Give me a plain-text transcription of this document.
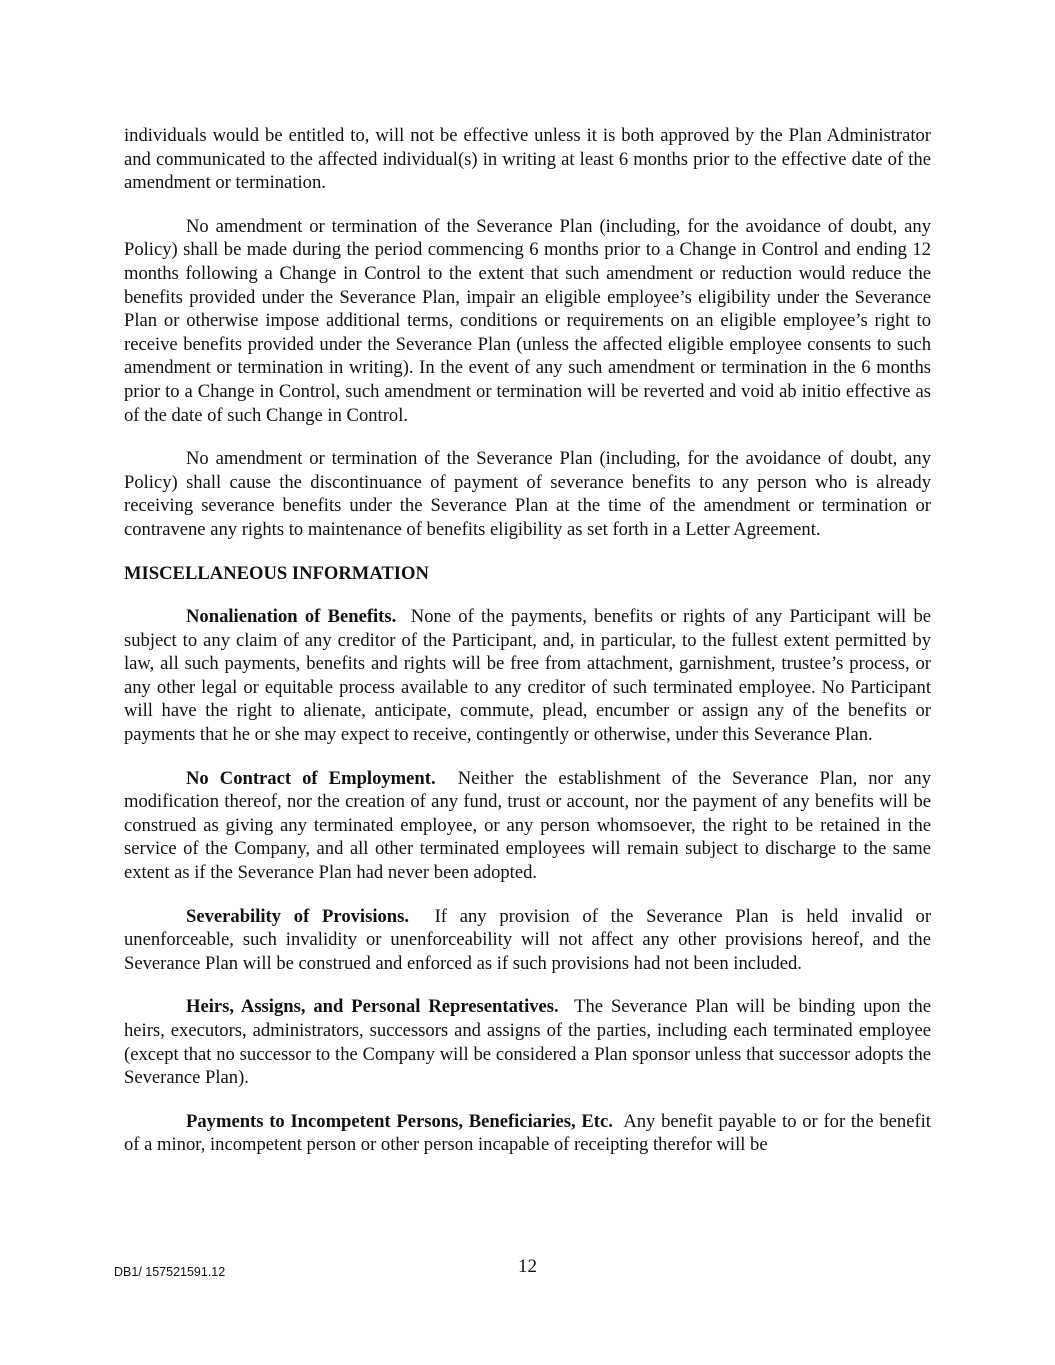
individuals would be entitled to, will not be effective unless it is both approved by the Plan Administrator and communicated to the affected individual(s) in writing at least 6 months prior to the effective date of the amendment or termination.

No amendment or termination of the Severance Plan (including, for the avoidance of doubt, any Policy) shall be made during the period commencing 6 months prior to a Change in Control and ending 12 months following a Change in Control to the extent that such amendment or reduction would reduce the benefits provided under the Severance Plan, impair an eligible employee’s eligibility under the Severance Plan or otherwise impose additional terms, conditions or requirements on an eligible employee’s right to receive benefits provided under the Severance Plan (unless the affected eligible employee consents to such amendment or termination in writing). In the event of any such amendment or termination in the 6 months prior to a Change in Control, such amendment or termination will be reverted and void ab initio effective as of the date of such Change in Control.

No amendment or termination of the Severance Plan (including, for the avoidance of doubt, any Policy) shall cause the discontinuance of payment of severance benefits to any person who is already receiving severance benefits under the Severance Plan at the time of the amendment or termination or contravene any rights to maintenance of benefits eligibility as set forth in a Letter Agreement.

MISCELLANEOUS INFORMATION

Nonalienation of Benefits. None of the payments, benefits or rights of any Participant will be subject to any claim of any creditor of the Participant, and, in particular, to the fullest extent permitted by law, all such payments, benefits and rights will be free from attachment, garnishment, trustee’s process, or any other legal or equitable process available to any creditor of such terminated employee. No Participant will have the right to alienate, anticipate, commute, plead, encumber or assign any of the benefits or payments that he or she may expect to receive, contingently or otherwise, under this Severance Plan.

No Contract of Employment. Neither the establishment of the Severance Plan, nor any modification thereof, nor the creation of any fund, trust or account, nor the payment of any benefits will be construed as giving any terminated employee, or any person whomsoever, the right to be retained in the service of the Company, and all other terminated employees will remain subject to discharge to the same extent as if the Severance Plan had never been adopted.

Severability of Provisions. If any provision of the Severance Plan is held invalid or unenforceable, such invalidity or unenforceability will not affect any other provisions hereof, and the Severance Plan will be construed and enforced as if such provisions had not been included.

Heirs, Assigns, and Personal Representatives. The Severance Plan will be binding upon the heirs, executors, administrators, successors and assigns of the parties, including each terminated employee (except that no successor to the Company will be considered a Plan sponsor unless that successor adopts the Severance Plan).

Payments to Incompetent Persons, Beneficiaries, Etc. Any benefit payable to or for the benefit of a minor, incompetent person or other person incapable of receipting therefor will be

DB1/ 157521591.12	12
